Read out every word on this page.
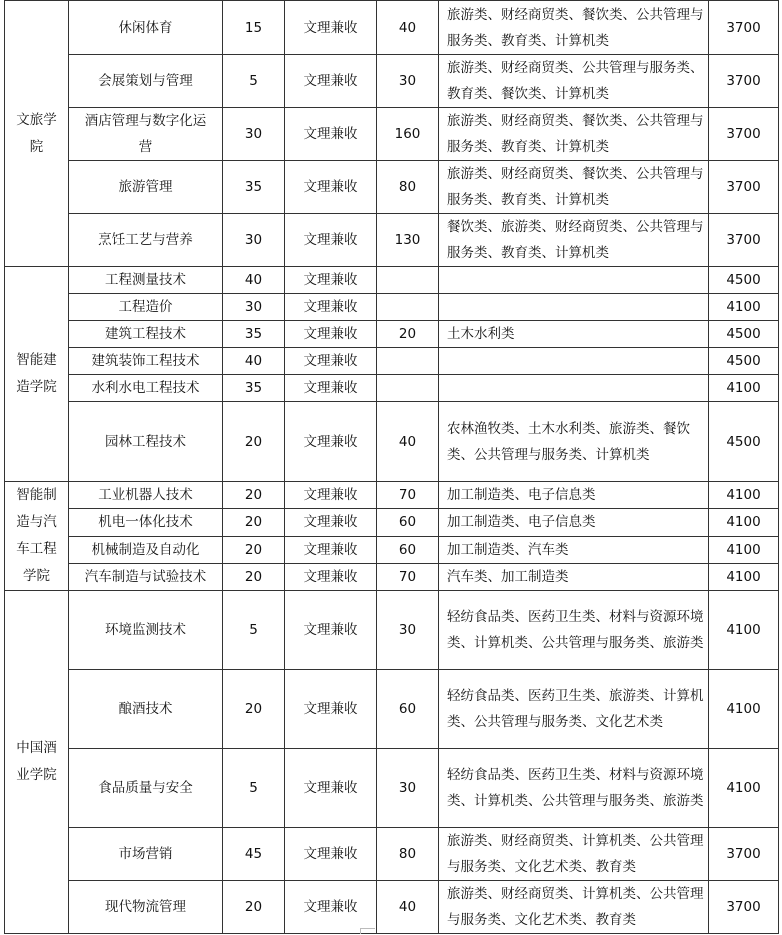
文旅学院	休闲体育	15	文理兼收	40	旅游类、财经商贸类、餐饮类、公共管理与服务类、教育类、计算机类	3700
	会展策划与管理	5	文理兼收	30	旅游类、财经商贸类、公共管理与服务类、教育类、餐饮类、计算机类	3700

	酒店管理与数字化运营	30	文理兼收	160	旅游类、财经商贸类、餐饮类、公共管理与服务类、教育类、计算机类	3700
	旅游管理	35	文理兼收	80	旅游类、财经商贸类、餐饮类、公共管理与服务类、教育类、计算机类	3700
	烹饪工艺与营养	30	文理兼收	130	餐饮类、旅游类、财经商贸类、公共管理与服务类、教育类、计算机类	3700

智能建造学院	工程测量技术	40	文理兼收			4500
	工程造价	30	文理兼收			4100
	建筑工程技术	35	文理兼收	20	土木水利类	4500
	建筑装饰工程技术	40	文理兼收			4500
	水利水电工程技术	35	文理兼收			4100
	园林工程技术	20	文理兼收	40	农林渔牧类、土木水利类、旅游类、餐饮类、公共管理与服务类、计算机类	4500

智能制造与汽车工程学院	工业机器人技术	20	文理兼收	70	加工制造类、电子信息类	4100
	机电一体化技术	20	文理兼收	60	加工制造类、电子信息类	4100
	机械制造及自动化	20	文理兼收	60	加工制造类、汽车类	4100
	汽车制造与试验技术	20	文理兼收	70	汽车类、加工制造类	4100

中国酒业学院	环境监测技术	5	文理兼收	30	轻纺食品类、医药卫生类、材料与资源环境类、计算机类、公共管理与服务类、旅游类	4100
	酿酒技术	20	文理兼收	60	轻纺食品类、医药卫生类、旅游类、计算机类、公共管理与服务类、文化艺术类	4100
	食品质量与安全	5	文理兼收	30	轻纺食品类、医药卫生类、材料与资源环境类、计算机类、公共管理与服务类、旅游类	4100
	市场营销	45	文理兼收	80	旅游类、财经商贸类、计算机类、公共管理与服务类、文化艺术类、教育类	3700
	现代物流管理	20	文理兼收	40	旅游类、财经商贸类、计算机类、公共管理与服务类、文化艺术类、教育类	3700
